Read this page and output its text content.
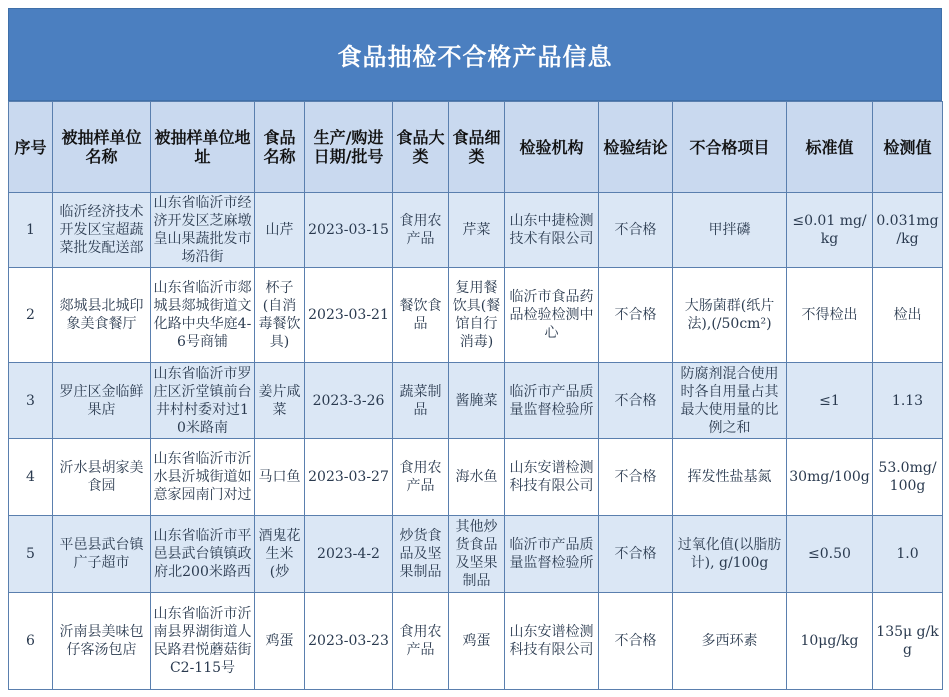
食品抽检不合格产品信息
序号	被抽样单位名称	被抽样单位地址	食品名称	生产/购进日期/批号	食品大类	食品细类	检验机构	检验结论	不合格项目	标准值	检测值
1	临沂经济技术开发区宝超蔬菜批发配送部	山东省临沂市经济开发区芝麻墩皇山果蔬批发市场沿街	山芹	2023-03-15	食用农产品	芹菜	山东中捷检测技术有限公司	不合格	甲拌磷	≤0.01 mg/kg	0.031mg /kg
2	郯城县北城印象美食餐厅	山东省临沂市郯城县郯城街道文化路中央华庭4-6号商铺	杯子(自消毒餐饮具)	2023-03-21	餐饮食品	复用餐饮具(餐馆自行消毒)	临沂市食品药品检验检测中心	不合格	大肠菌群(纸片法),(/50cm²)	不得检出	检出
3	罗庄区金临鲜果店	山东省临沂市罗庄区沂堂镇前台井村村委对过10米路南	姜片咸菜	2023-3-26	蔬菜制品	酱腌菜	临沂市产品质量监督检验所	不合格	防腐剂混合使用时各自用量占其最大使用量的比例之和	≤1	1.13
4	沂水县胡家美食园	山东省临沂市沂水县沂城街道如意家园南门对过	马口鱼	2023-03-27	食用农产品	海水鱼	山东安谱检测科技有限公司	不合格	挥发性盐基氮	30mg/100g	53.0mg/ 100g
5	平邑县武台镇广子超市	山东省临沂市平邑县武台镇镇政府北200米路西	酒鬼花生米(炒	2023-4-2	炒货食品及坚果制品	其他炒货食品及坚果制品	临沂市产品质量监督检验所	不合格	过氧化值(以脂肪计), g/100g	≤0.50	1.0
6	沂南县美味包仔客汤包店	山东省临沂市沂南县界湖街道人民路君悦蘑菇街C2-115号	鸡蛋	2023-03-23	食用农产品	鸡蛋	山东安谱检测科技有限公司	不合格	多西环素	10μg/kg	135μ g/kg
